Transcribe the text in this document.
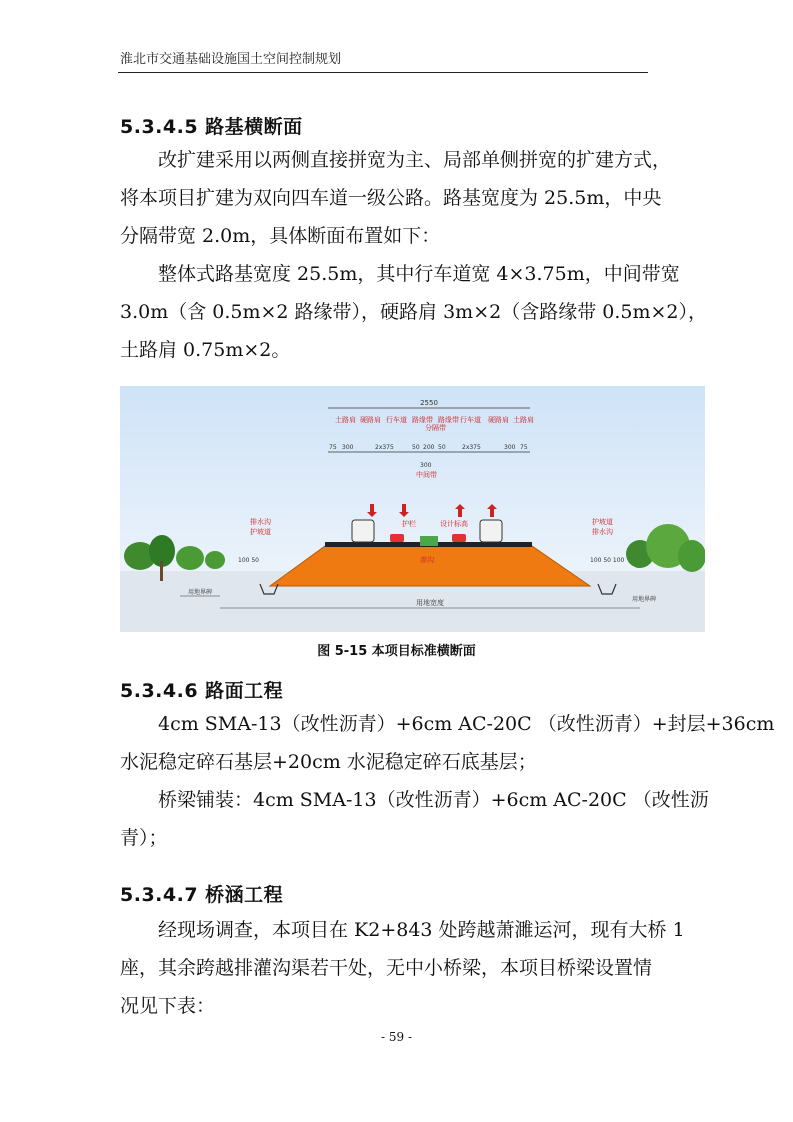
淮北市交通基础设施国土空间控制规划
5.3.4.5 路基横断面

改扩建采用以两侧直接拼宽为主、局部单侧拼宽的扩建方式，

将本项目扩建为双向四车道一级公路。路基宽度为 25.5m，中央

分隔带宽 2.0m，具体断面布置如下：

整体式路基宽度 25.5m，其中行车道宽 4×3.75m，中间带宽

3.0m（含 0.5m×2 路缘带），硬路肩 3m×2（含路缘带 0.5m×2），

土路肩 0.75m×2。

2550
土路肩 硬路肩 行车道 路缘带
分隔带
路缘带 行车道 硬路肩 土路肩
75 300	2x375	50 200 50	2x375	300 75
300
中间带
排水沟
护坡道
100 50
护坡道
排水沟
100 50 100
护栏	设计标高
渗沟
用地界碑
用地界碑
用地宽度
图 5-15 本项目标准横断面
5.3.4.6 路面工程

4cm SMA-13（改性沥青）+6cm AC-20C （改性沥青）+封层+36cm

水泥稳定碎石基层+20cm 水泥稳定碎石底基层；

桥梁铺装：4cm SMA-13（改性沥青）+6cm AC-20C （改性沥

青）；

5.3.4.7 桥涵工程

经现场调查，本项目在 K2+843 处跨越萧濉运河，现有大桥 1

座，其余跨越排灌沟渠若干处，无中小桥梁，本项目桥梁设置情

况见下表：

- 59 -
